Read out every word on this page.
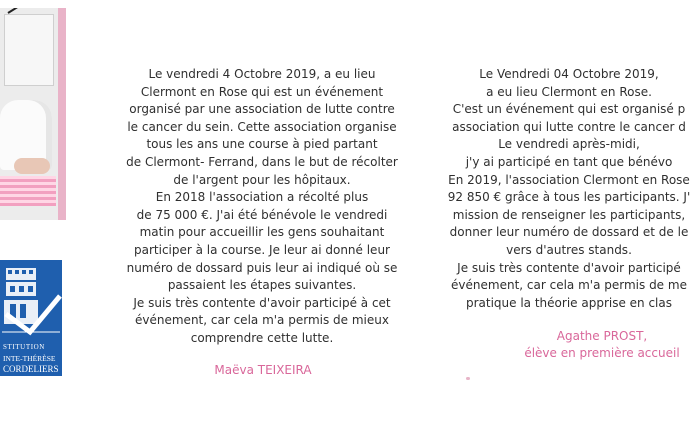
STITUTION
INTE-THÉRÈSE
CORDELIERS
Le vendredi 4 Octobre 2019, a eu lieu
Clermont en Rose qui est un événement
organisé par une association de lutte contre
le cancer du sein. Cette association organise
tous les ans une course à pied partant
de Clermont- Ferrand, dans le but de récolter
de l'argent pour les hôpitaux.
En 2018 l'association a récolté plus
de 75 000 €. J'ai été bénévole le vendredi
matin pour accueillir les gens souhaitant
participer à la course. Je leur ai donné leur
numéro de dossard puis leur ai indiqué où se
passaient les étapes suivantes.
Je suis très contente d'avoir participé à cet
événement, car cela m'a permis de mieux
comprendre cette lutte.
Maëva TEIXEIRA
Le Vendredi 04 Octobre 2019,
a eu lieu Clermont en Rose.
C'est un événement qui est organisé p
association qui lutte contre le cancer d
Le vendredi après-midi,
j'y ai participé en tant que bénévo
En 2019, l'association Clermont en Rose
92 850 € grâce à tous les participants. J'
mission de renseigner les participants,
donner leur numéro de dossard et de le
vers d'autres stands.
Je suis très contente d'avoir participé
événement, car cela m'a permis de me
pratique la théorie apprise en clas
Agathe PROST,
élève en première accueil
